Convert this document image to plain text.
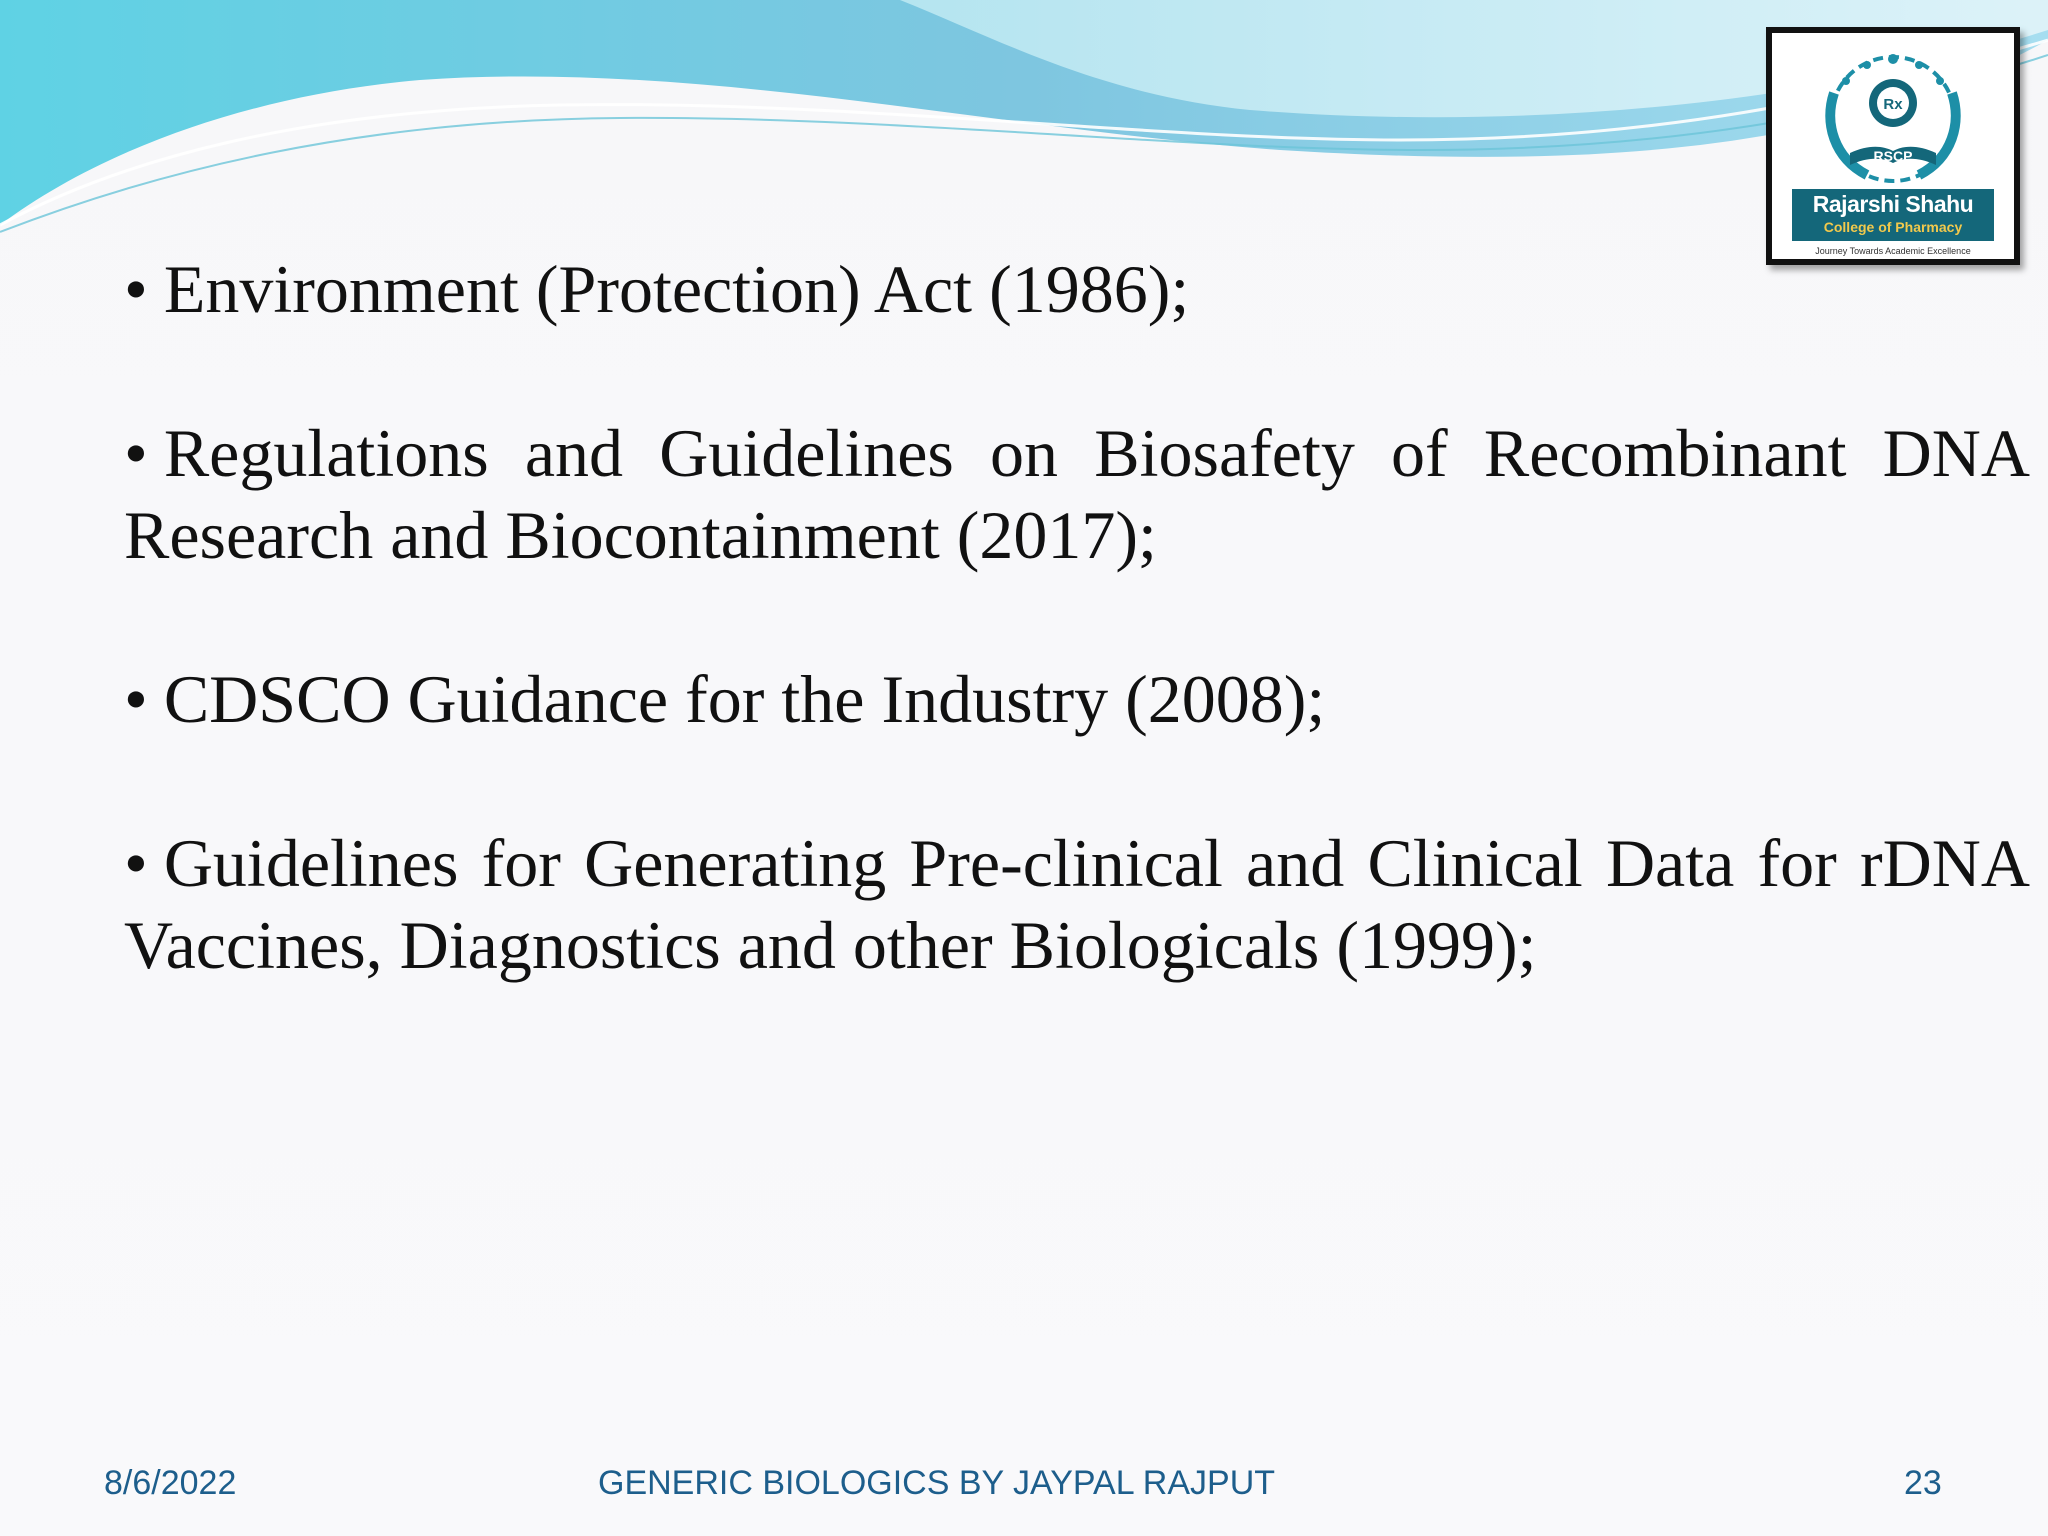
Rx
RSCP
Rajarshi Shahu
College of Pharmacy
Journey Towards Academic Excellence

• Environment (Protection) Act (1986);

• Regulations and Guidelines on Biosafety of Recombinant DNA Research and Biocontainment (2017);

• CDSCO Guidance for the Industry (2008);

• Guidelines for Generating Pre-clinical and Clinical Data for rDNA Vaccines, Diagnostics and other Biologicals (1999);

8/6/2022	GENERIC BIOLOGICS BY JAYPAL RAJPUT	23
